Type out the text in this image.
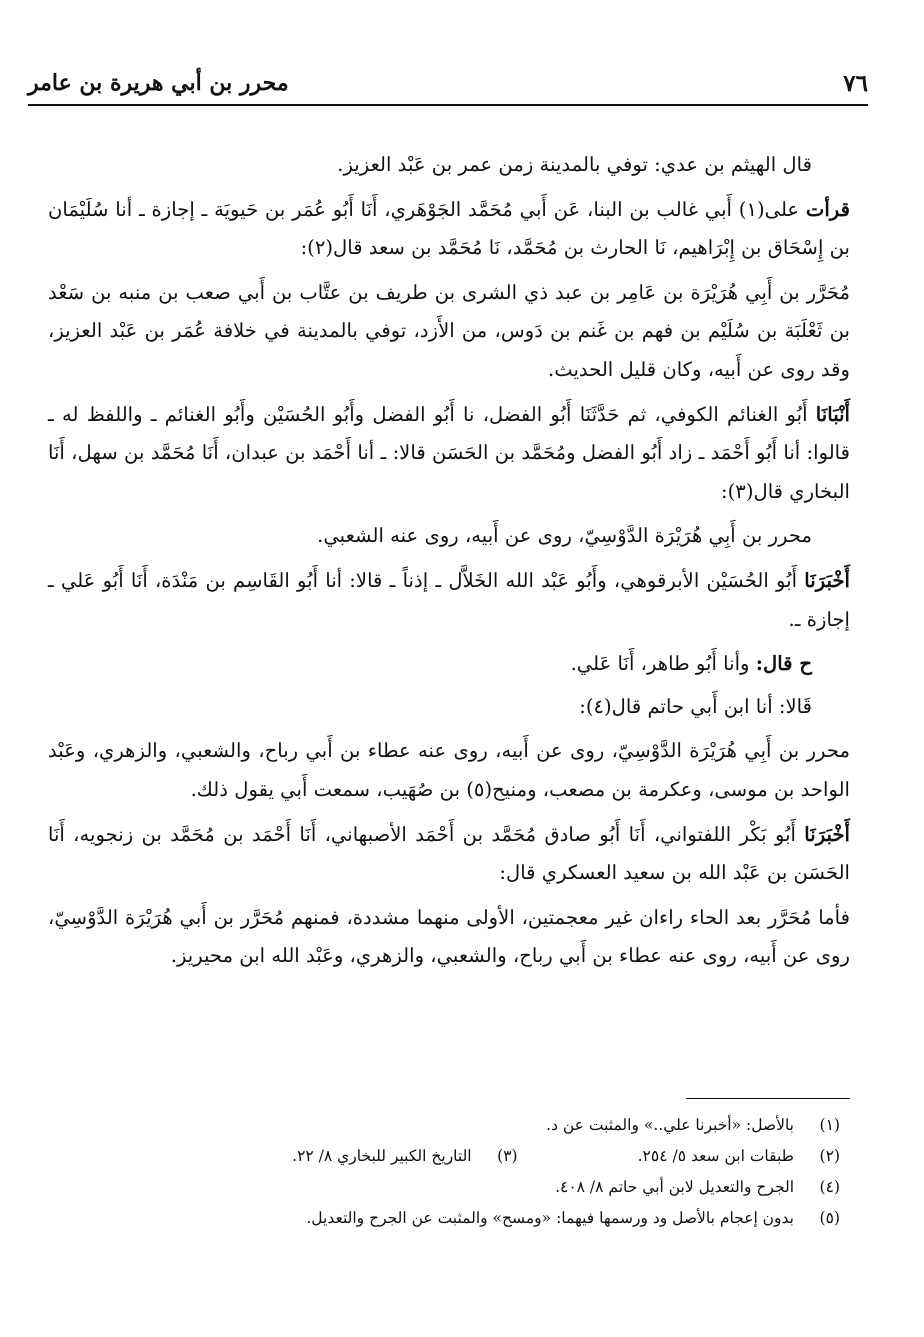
٧٦
محرر بن أبي هريرة بن عامر

قال الهيثم بن عدي: توفي بالمدينة زمن عمر بن عَبْد العزيز.

قرأت على(١) أَبي غالب بن البنا، عَن أَبي مُحَمَّد الجَوْهَري، أَنَا أَبُو عُمَر بن حَيويَة ـ إجازة ـ أنا سُلَيْمَان بن إِسْحَاق بن إِبْرَاهيم، نَا الحارث بن مُحَمَّد، نَا مُحَمَّد بن سعد قال(٢):

مُحَرَّر بن أَبِي هُرَيْرَة بن عَامِر بن عبد ذي الشرى بن طريف بن عتَّاب بن أَبي صعب بن منبه بن سَعْد بن ثَعْلَبَة بن سُلَيْم بن فهم بن غَنم بن دَوس، من الأَزد، توفي بالمدينة في خلافة عُمَر بن عَبْد العزيز، وقد روى عن أَبيه، وكان قليل الحديث.

أَنْبَانَا أَبُو الغنائم الكوفي، ثم حَدَّثَنَا أَبُو الفضل، نا أَبُو الفضل وأَبُو الحُسَيْن وأَبُو الغنائم ـ واللفظ له ـ قالوا: أنا أَبُو أَحْمَد ـ زاد أَبُو الفضل ومُحَمَّد بن الحَسَن قالا: ـ أنا أَحْمَد بن عبدان، أَنَا مُحَمَّد بن سهل، أَنَا البخاري قال(٣):

محرر بن أَبِي هُرَيْرَة الدَّوْسِيّ، روى عن أَبيه، روى عنه الشعبي.

أَخْبَرَنَا أَبُو الحُسَيْن الأبرقوهي، وأَبُو عَبْد الله الخَلاَّل ـ إذناً ـ قالا: أنا أَبُو القَاسِم بن مَنْدَة، أَنَا أَبُو عَلي ـ إجازة ـ.

ح قال: وأنا أَبُو طاهر، أَنَا عَلي.

قَالا: أنا ابن أَبي حاتم قال(٤):

محرر بن أَبِي هُرَيْرَة الدَّوْسِيّ، روى عن أَبيه، روى عنه عطاء بن أَبي رباح، والشعبي، والزهري، وعَبْد الواحد بن موسى، وعكرمة بن مصعب، ومنيح(٥) بن صُهَيب، سمعت أَبي يقول ذلك.

أَخْبَرَنَا أَبُو بَكْر اللفتواني، أَنَا أَبُو صادق مُحَمَّد بن أَحْمَد الأصبهاني، أَنَا أَحْمَد بن مُحَمَّد بن زنجويه، أَنَا الحَسَن بن عَبْد الله بن سعيد العسكري قال:

فأما مُحَرَّر بعد الحاء راءان غير معجمتين، الأولى منهما مشددة، فمنهم مُحَرَّر بن أَبي هُرَيْرَة الدَّوْسِيّ، روى عن أَبيه، روى عنه عطاء بن أَبي رباح، والشعبي، والزهري، وعَبْد الله ابن محيريز.

(١)
بالأصل: «أخبرنا علي..» والمثبت عن د.
(٢)
طبقات ابن سعد ٥/ ٢٥٤.
(٣)
التاريخ الكبير للبخاري ٨/ ٢٢.
(٤)
الجرح والتعديل لابن أبي حاتم ٨/ ٤٠٨.
(٥)
بدون إعجام بالأصل ود ورسمها فيهما: «ومسح» والمثبت عن الجرح والتعديل.
